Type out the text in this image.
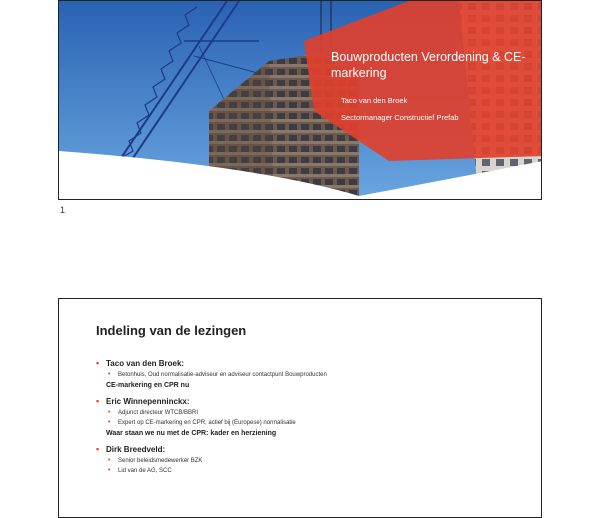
Bouwproducten Verordening & CE-markering
Taco van den Broek
Sectormanager Constructief Prefab
1
Indeling van de lezingen
• Taco van den Broek:
• Betonhuis, Oud normalisatie-adviseur en adviseur contactpunt Bouwproducten
CE-markering en CPR nu
• Eric Winnepenninckx:
• Adjunct directeur WTCB/BBRI
• Expert op CE-markering en CPR, actief bij (Europese) normalisatie
Waar staan we nu met de CPR: kader en herziening
• Dirk Breedveld:
• Senior beleidsmedewerker BZK
• Lid van de AG, SCC
